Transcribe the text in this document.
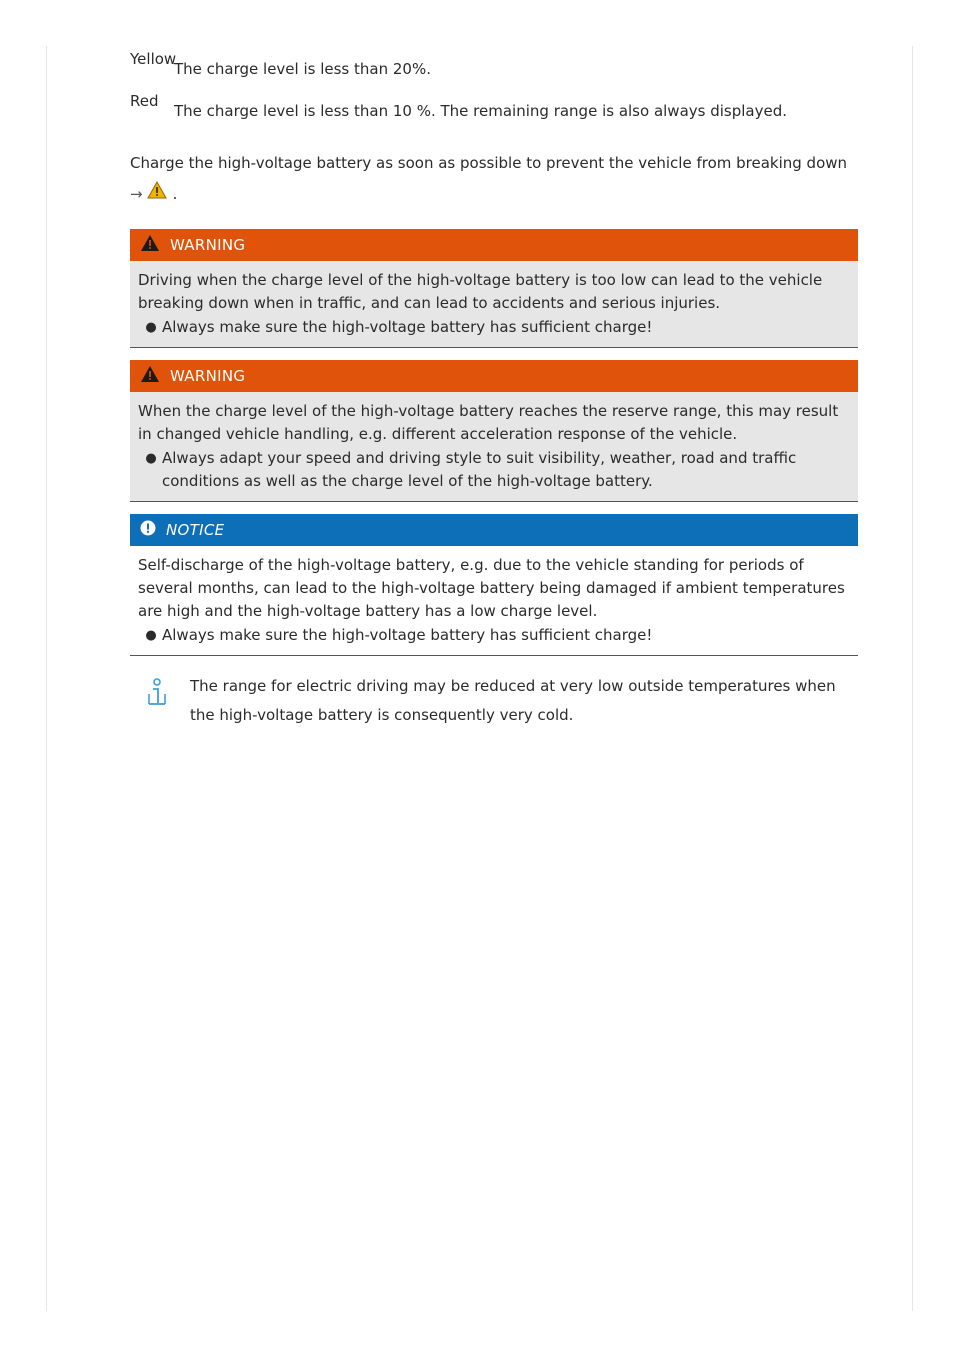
Yellow
The charge level is less than 20%.
Red
The charge level is less than 10 %. The remaining range is also always displayed.
Charge the high-voltage battery as soon as possible to prevent the vehicle from breaking down

→ .
WARNING
Driving when the charge level of the high-voltage battery is too low can lead to the vehicle breaking down when in traffic, and can lead to accidents and serious injuries.
● Always make sure the high-voltage battery has sufficient charge!
WARNING
When the charge level of the high-voltage battery reaches the reserve range, this may result in changed vehicle handling, e.g. different acceleration response of the vehicle.
● Always adapt your speed and driving style to suit visibility, weather, road and traffic conditions as well as the charge level of the high-voltage battery.
NOTICE
Self-discharge of the high-voltage battery, e.g. due to the vehicle standing for periods of several months, can lead to the high-voltage battery being damaged if ambient temperatures are high and the high-voltage battery has a low charge level.
● Always make sure the high-voltage battery has sufficient charge!
The range for electric driving may be reduced at very low outside temperatures when the high-voltage battery is consequently very cold.
